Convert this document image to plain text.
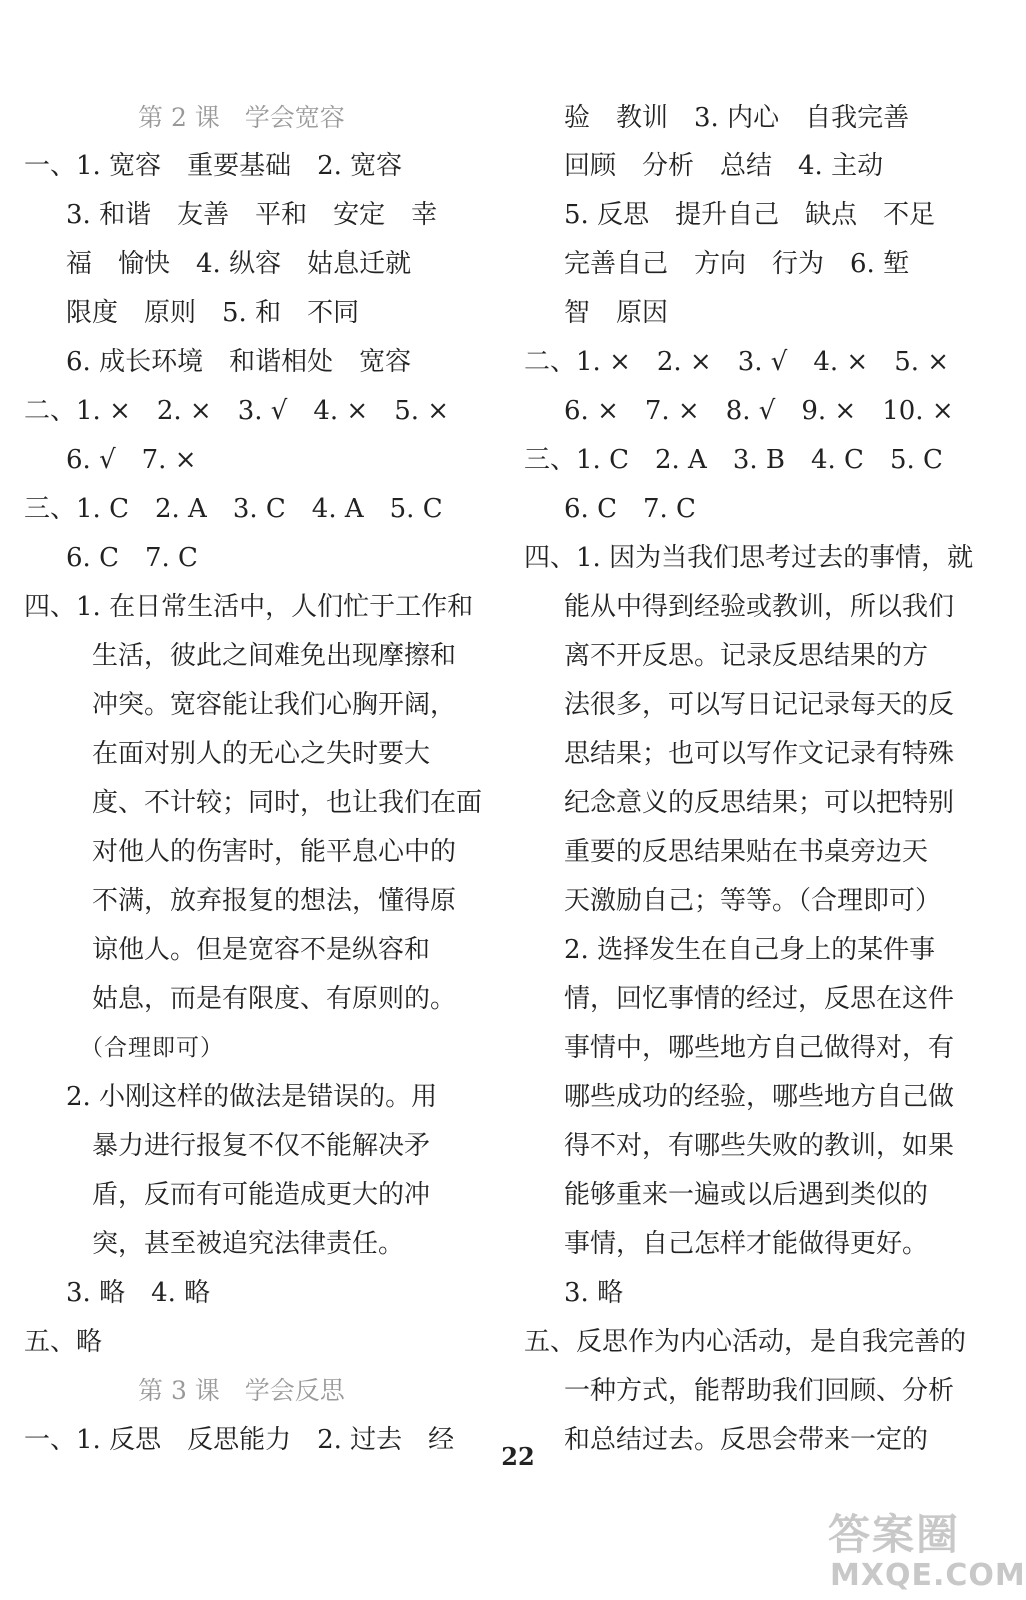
第 2 课　学会宽容
一、1. 宽容　重要基础　2. 宽容
3. 和谐　友善　平和　安定　幸
福　愉快　4. 纵容　姑息迁就
限度　原则　5. 和　不同
6. 成长环境　和谐相处　宽容
二、1. ×　2. ×　3. √　4. ×　5. ×
6. √　7. ×
三、1. C　2. A　3. C　4. A　5. C
6. C　7. C
四、1. 在日常生活中，人们忙于工作和
生活，彼此之间难免出现摩擦和
冲突。宽容能让我们心胸开阔，
在面对别人的无心之失时要大
度、不计较；同时，也让我们在面
对他人的伤害时，能平息心中的
不满，放弃报复的想法，懂得原
谅他人。但是宽容不是纵容和
姑息，而是有限度、有原则的。
（合理即可）
2. 小刚这样的做法是错误的。用
暴力进行报复不仅不能解决矛
盾，反而有可能造成更大的冲
突，甚至被追究法律责任。
3. 略　4. 略
五、略
第 3 课　学会反思
一、1. 反思　反思能力　2. 过去　经
验　教训　3. 内心　自我完善
回顾　分析　总结　4. 主动
5. 反思　提升自己　缺点　不足
完善自己　方向　行为　6. 堑
智　原因
二、1. ×　2. ×　3. √　4. ×　5. ×
6. ×　7. ×　8. √　9. ×　10. ×
三、1. C　2. A　3. B　4. C　5. C
6. C　7. C
四、1. 因为当我们思考过去的事情，就
能从中得到经验或教训，所以我们
离不开反思。记录反思结果的方
法很多，可以写日记记录每天的反
思结果；也可以写作文记录有特殊
纪念意义的反思结果；可以把特别
重要的反思结果贴在书桌旁边天
天激励自己；等等。（合理即可）
2. 选择发生在自己身上的某件事
情，回忆事情的经过，反思在这件
事情中，哪些地方自己做得对，有
哪些成功的经验，哪些地方自己做
得不对，有哪些失败的教训，如果
能够重来一遍或以后遇到类似的
事情，自己怎样才能做得更好。
3. 略
五、反思作为内心活动，是自我完善的
一种方式，能帮助我们回顾、分析
和总结过去。反思会带来一定的
22
答案圈
MXQE.COM
